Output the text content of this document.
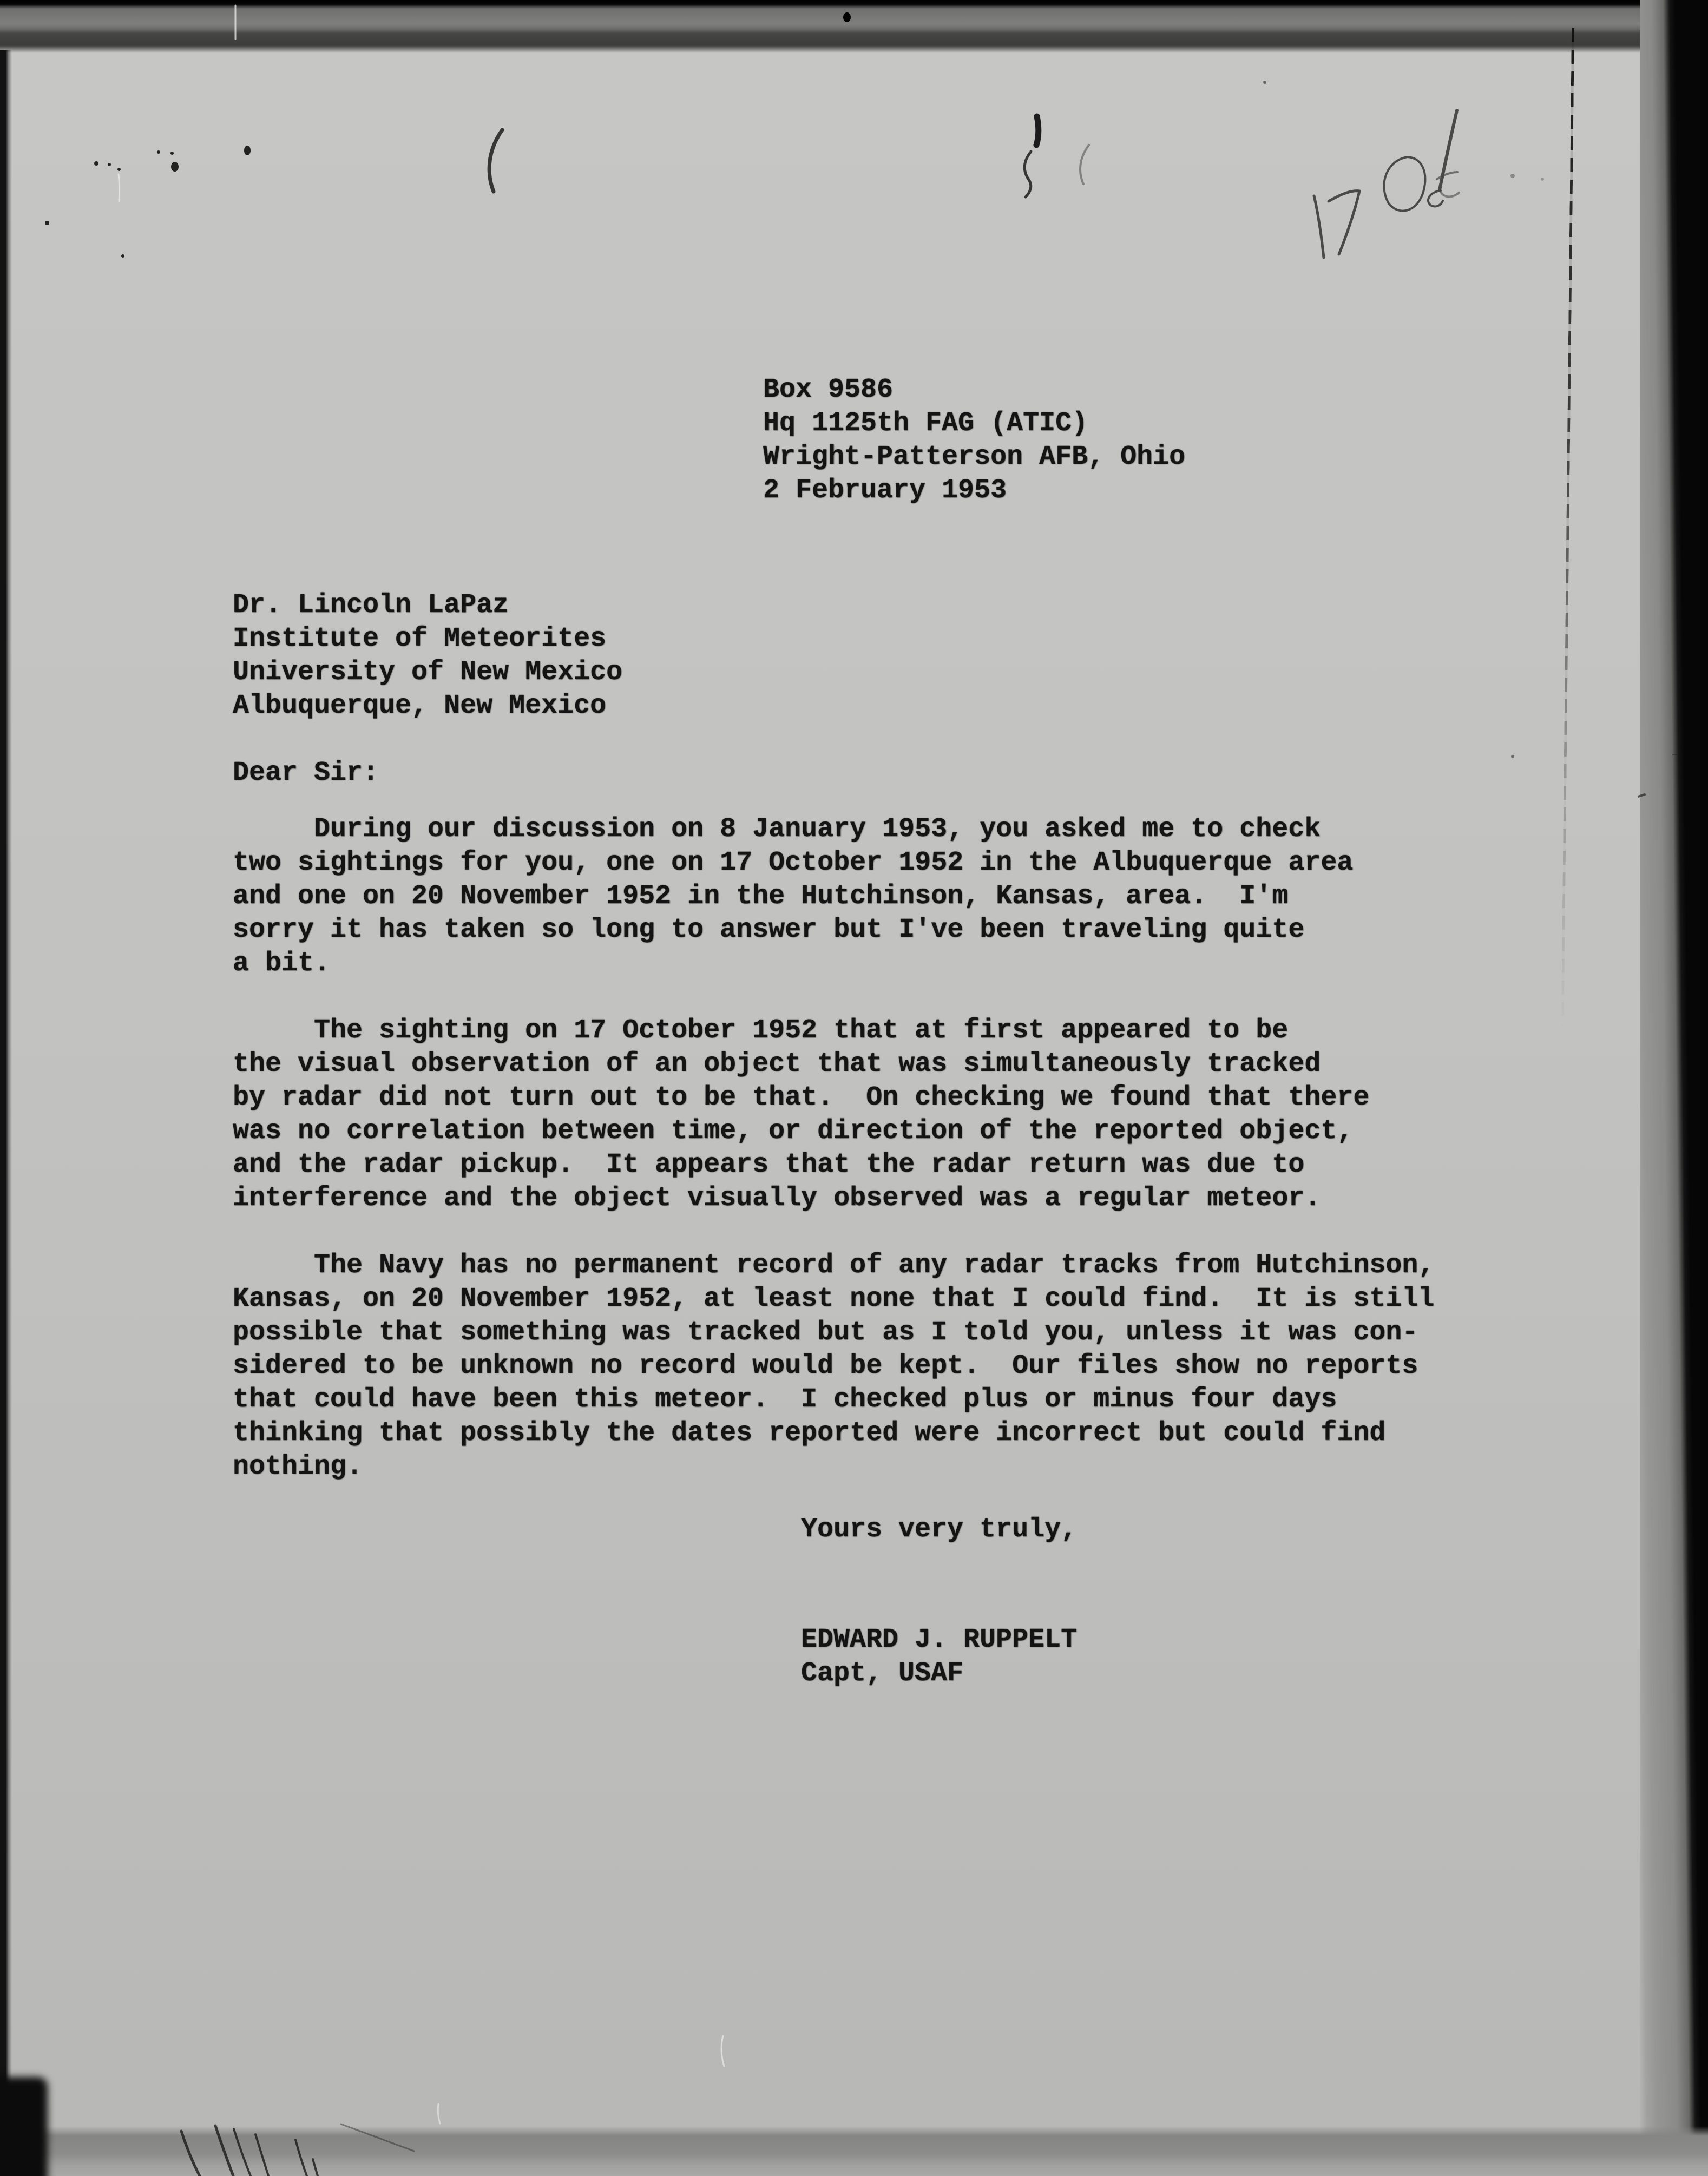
Box 9586
Hq 1125th FAG (ATIC)
Wright-Patterson AFB, Ohio
2 February 1953
Dr. Lincoln LaPaz
Institute of Meteorites
University of New Mexico
Albuquerque, New Mexico
Dear Sir:
During our discussion on 8 January 1953, you asked me to check
two sightings for you, one on 17 October 1952 in the Albuquerque area
and one on 20 November 1952 in the Hutchinson, Kansas, area.  I'm
sorry it has taken so long to answer but I've been traveling quite
a bit.
The sighting on 17 October 1952 that at first appeared to be
the visual observation of an object that was simultaneously tracked
by radar did not turn out to be that.  On checking we found that there
was no correlation between time, or direction of the reported object,
and the radar pickup.  It appears that the radar return was due to
interference and the object visually observed was a regular meteor.
The Navy has no permanent record of any radar tracks from Hutchinson,
Kansas, on 20 November 1952, at least none that I could find.  It is still
possible that something was tracked but as I told you, unless it was con-
sidered to be unknown no record would be kept.  Our files show no reports
that could have been this meteor.  I checked plus or minus four days
thinking that possibly the dates reported were incorrect but could find
nothing.
Yours very truly,
EDWARD J. RUPPELT
Capt, USAF
